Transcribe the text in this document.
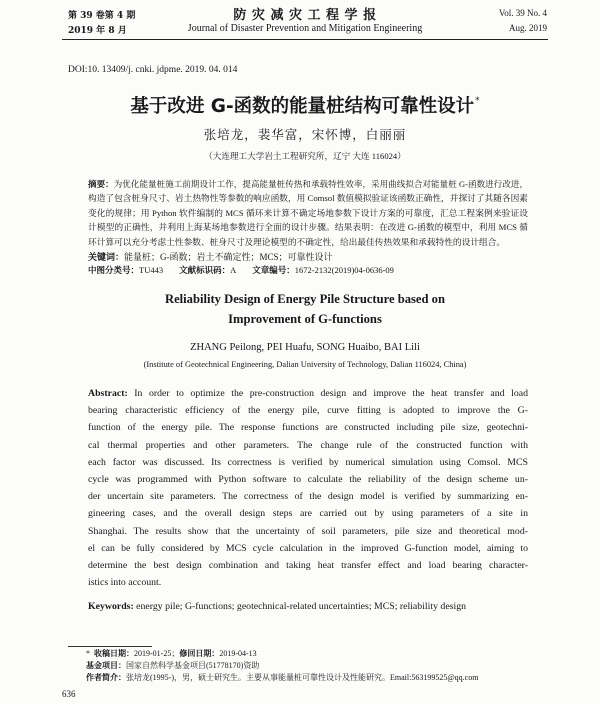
第 39 卷第 4 期
2019 年 8 月
防 灾 减 灾 工 程 学 报
Journal of Disaster Prevention and Mitigation Engineering
Vol. 39 No. 4
Aug. 2019
DOI:10. 13409/j. cnki. jdpme. 2019. 04. 014
基于改进 G-函数的能量桩结构可靠性设计*
张培龙，裴华富，宋怀博，白丽丽
（大连理工大学岩土工程研究所，辽宁 大连 116024）
摘要：为优化能量桩施工前期设计工作，提高能量桩传热和承载特性效率，采用曲线拟合对能量桩 G-函数进行改进，
构造了包含桩身尺寸、岩土热物性等参数的响应函数，用 Comsol 数值模拟验证该函数正确性，并探讨了其随各因素
变化的规律；用 Python 软件编制的 MCS 循环来计算不确定场地参数下设计方案的可靠度，汇总工程案例来验证设
计模型的正确性，并利用上海某场地参数进行全面的设计步骤。结果表明：在改进 G-函数的模型中，利用 MCS 循
环计算可以充分考虑土性参数、桩身尺寸及理论模型的不确定性，给出最佳传热效果和承载特性的设计组合。
关键词：能量桩；G-函数；岩土不确定性；MCS；可靠性设计
中图分类号：TU443 文献标识码：A 文章编号：1672-2132(2019)04-0636-09
Reliability Design of Energy Pile Structure based on
Improvement of G-functions
ZHANG Peilong, PEI Huafu, SONG Huaibo, BAI Lili
(Institute of Geotechnical Engineering, Dalian University of Technology, Dalian 116024, China)
Abstract: In order to optimize the pre-construction design and improve the heat transfer and load
bearing characteristic efficiency of the energy pile, curve fitting is adopted to improve the G-
function of the energy pile. The response functions are constructed including pile size, geotechni-
cal thermal properties and other parameters. The change rule of the constructed function with
each factor was discussed. Its correctness is verified by numerical simulation using Comsol. MCS
cycle was programmed with Python software to calculate the reliability of the design scheme un-
der uncertain site parameters. The correctness of the design model is verified by summarizing en-
gineering cases, and the overall design steps are carried out by using parameters of a site in
Shanghai. The results show that the uncertainty of soil parameters, pile size and theoretical mod-
el can be fully considered by MCS cycle calculation in the improved G-function model, aiming to
determine the best design combination and taking heat transfer effect and load bearing character-
istics into account.
Keywords: energy pile; G-functions; geotechnical-related uncertainties; MCS; reliability design
* 收稿日期：2019-01-25；修回日期：2019-04-13
基金项目：国家自然科学基金项目(51778170)资助
作者简介：张培龙(1995-)，男，硕士研究生。主要从事能量桩可靠性设计及性能研究。Email:563199525@qq.com
636
